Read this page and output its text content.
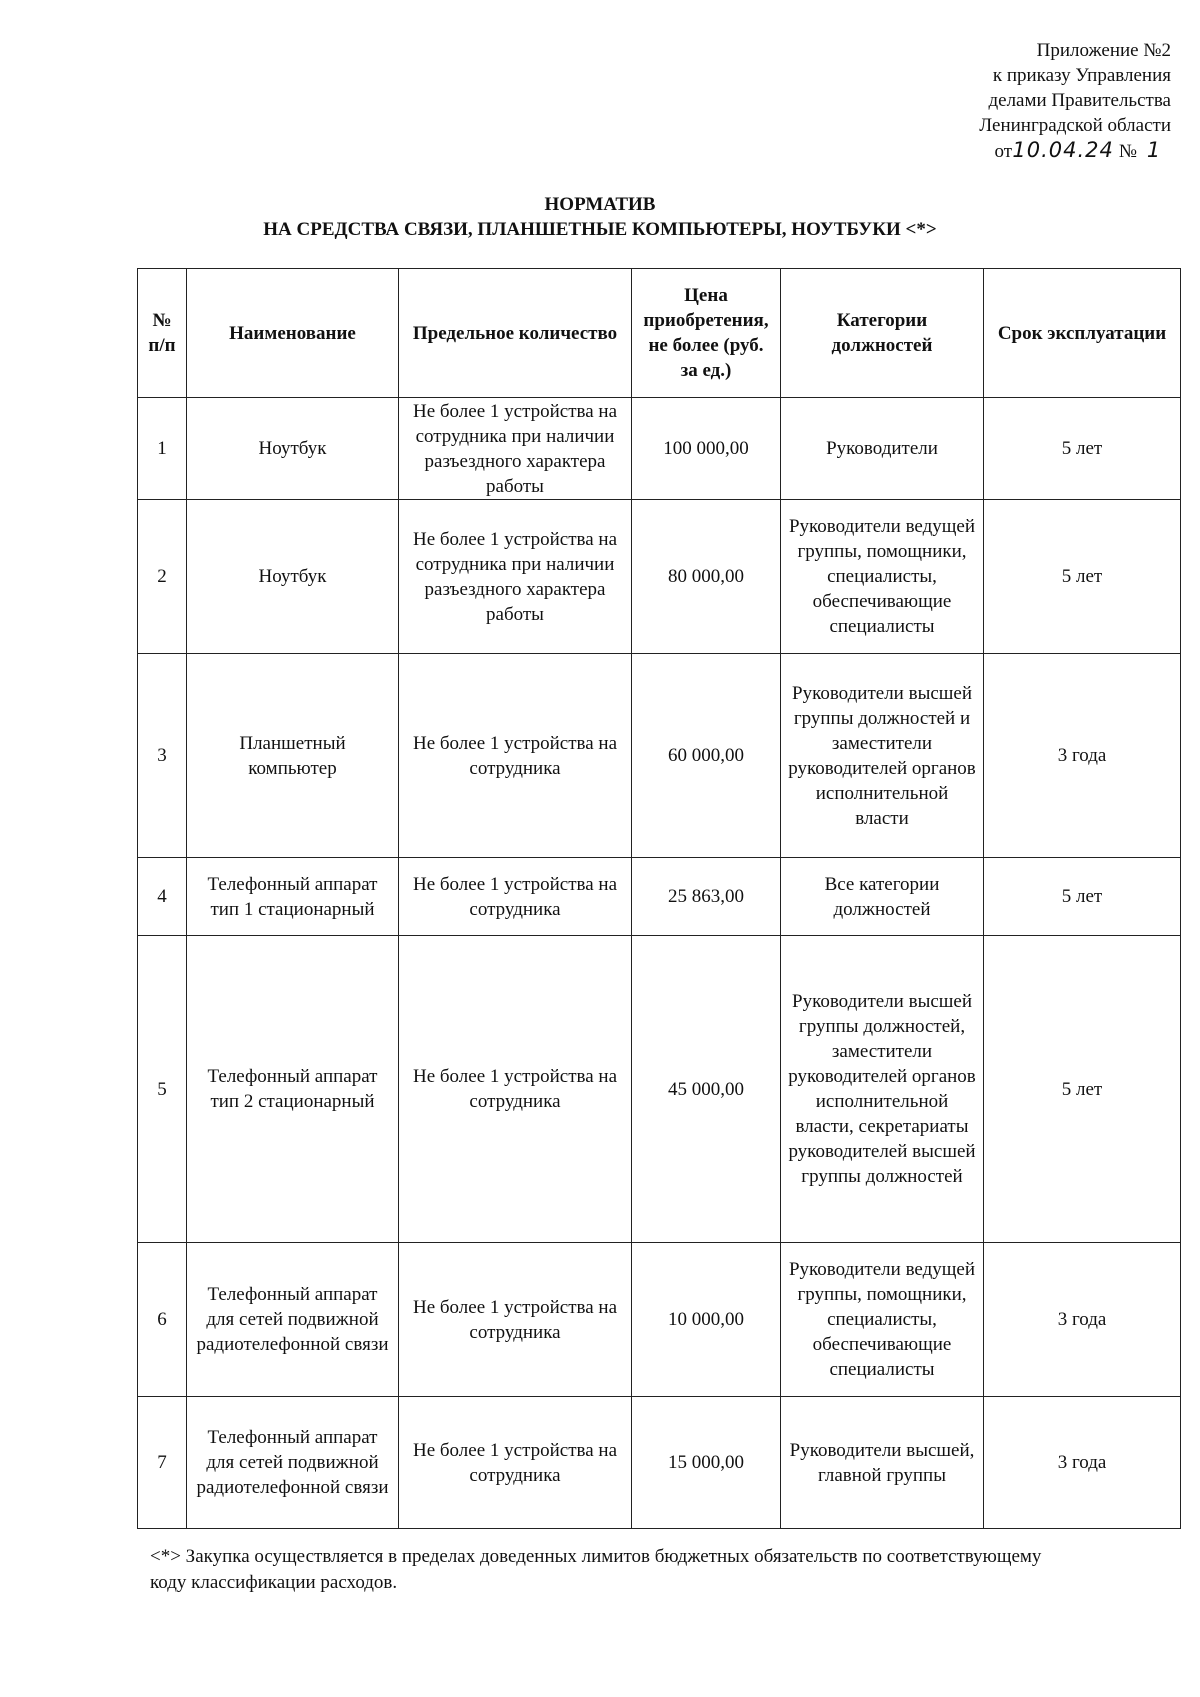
Приложение №2
к приказу Управления
делами Правительства
Ленинградской области
от10.04.24 № 1
НОРМАТИВ
НА СРЕДСТВА СВЯЗИ, ПЛАНШЕТНЫЕ КОМПЬЮТЕРЫ, НОУТБУКИ <*>
№ п/п	Наименование	Предельное количество	Цена приобретения, не более (руб. за ед.)	Категории должностей	Срок эксплуатации
1	Ноутбук	Не более 1 устройства на сотрудника при наличии разъездного характера работы	100 000,00	Руководители	5 лет
2	Ноутбук	Не более 1 устройства на сотрудника при наличии разъездного характера работы	80 000,00	Руководители ведущей группы, помощники, специалисты, обеспечивающие специалисты	5 лет
3	Планшетный компьютер	Не более 1 устройства на сотрудника	60 000,00	Руководители высшей группы должностей и заместители руководителей органов исполнительной власти	3 года
4	Телефонный аппарат тип 1 стационарный	Не более 1 устройства на сотрудника	25 863,00	Все категории должностей	5 лет
5	Телефонный аппарат тип 2 стационарный	Не более 1 устройства на сотрудника	45 000,00	Руководители высшей группы должностей, заместители руководителей органов исполнительной власти, секретариаты руководителей высшей группы должностей	5 лет
6	Телефонный аппарат для сетей подвижной радиотелефонной связи	Не более 1 устройства на сотрудника	10 000,00	Руководители ведущей группы, помощники, специалисты, обеспечивающие специалисты	3 года
7	Телефонный аппарат для сетей подвижной радиотелефонной связи	Не более 1 устройства на сотрудника	15 000,00	Руководители высшей, главной группы	3 года
<*> Закупка осуществляется в пределах доведенных лимитов бюджетных обязательств по соответствующему коду классификации расходов.
